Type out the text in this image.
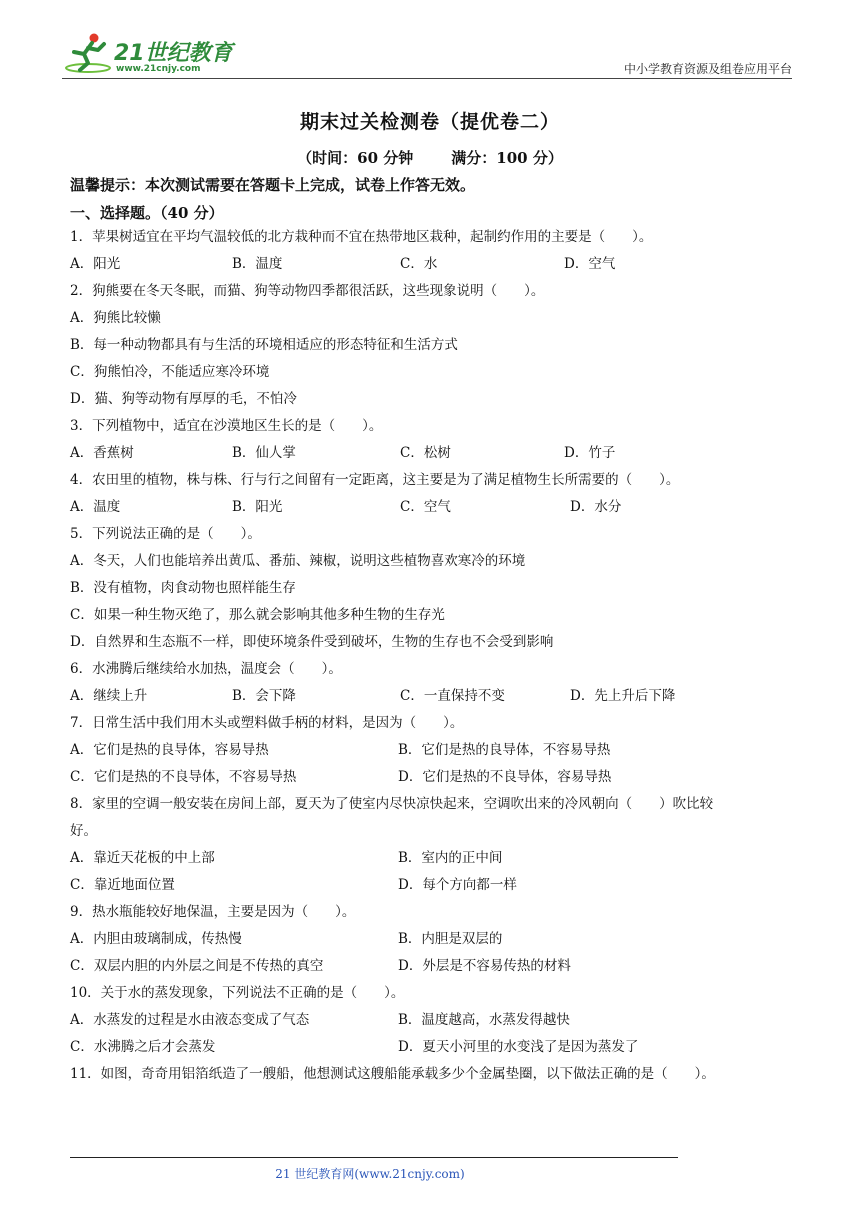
21世纪教育
www.21cnjy.com	中小学教育资源及组卷应用平台
期末过关检测卷（提优卷二）
（时间：60 分钟	满分：100 分）
温馨提示：本次测试需要在答题卡上完成，试卷上作答无效。
一、选择题。（40 分）
1．苹果树适宜在平均气温较低的北方栽种而不宜在热带地区栽种，起制约作用的主要是（　　）。
A．阳光	B．温度	C．水	D．空气
2．狗熊要在冬天冬眠，而猫、狗等动物四季都很活跃，这些现象说明（　　）。
A．狗熊比较懒
B．每一种动物都具有与生活的环境相适应的形态特征和生活方式
C．狗熊怕冷，不能适应寒冷环境
D．猫、狗等动物有厚厚的毛，不怕冷
3．下列植物中，适宜在沙漠地区生长的是（　　）。
A．香蕉树	B．仙人掌	C．松树	D．竹子
4．农田里的植物，株与株、行与行之间留有一定距离，这主要是为了满足植物生长所需要的（　　）。
A．温度	B．阳光	C．空气	D．水分
5．下列说法正确的是（　　）。
A．冬天，人们也能培养出黄瓜、番茄、辣椒，说明这些植物喜欢寒冷的环境
B．没有植物，肉食动物也照样能生存
C．如果一种生物灭绝了，那么就会影响其他多种生物的生存光
D．自然界和生态瓶不一样，即使环境条件受到破坏，生物的生存也不会受到影响
6．水沸腾后继续给水加热，温度会（　　）。
A．继续上升	B．会下降	C．一直保持不变	D．先上升后下降
7．日常生活中我们用木头或塑料做手柄的材料，是因为（　　）。
A．它们是热的良导体，容易导热	B．它们是热的良导体，不容易导热
C．它们是热的不良导体，不容易导热	D．它们是热的不良导体，容易导热
8．家里的空调一般安装在房间上部，夏天为了使室内尽快凉快起来，空调吹出来的冷风朝向（　　）吹比较
好。
A．靠近天花板的中上部	B．室内的正中间
C．靠近地面位置	D．每个方向都一样
9．热水瓶能较好地保温，主要是因为（　　）。
A．内胆由玻璃制成，传热慢	B．内胆是双层的
C．双层内胆的内外层之间是不传热的真空	D．外层是不容易传热的材料
10．关于水的蒸发现象，下列说法不正确的是（　　）。
A．水蒸发的过程是水由液态变成了气态	B．温度越高，水蒸发得越快
C．水沸腾之后才会蒸发	D．夏天小河里的水变浅了是因为蒸发了
11．如图，奇奇用铝箔纸造了一艘船，他想测试这艘船能承载多少个金属垫圈，以下做法正确的是（　　）。
21 世纪教育网(www.21cnjy.com)
